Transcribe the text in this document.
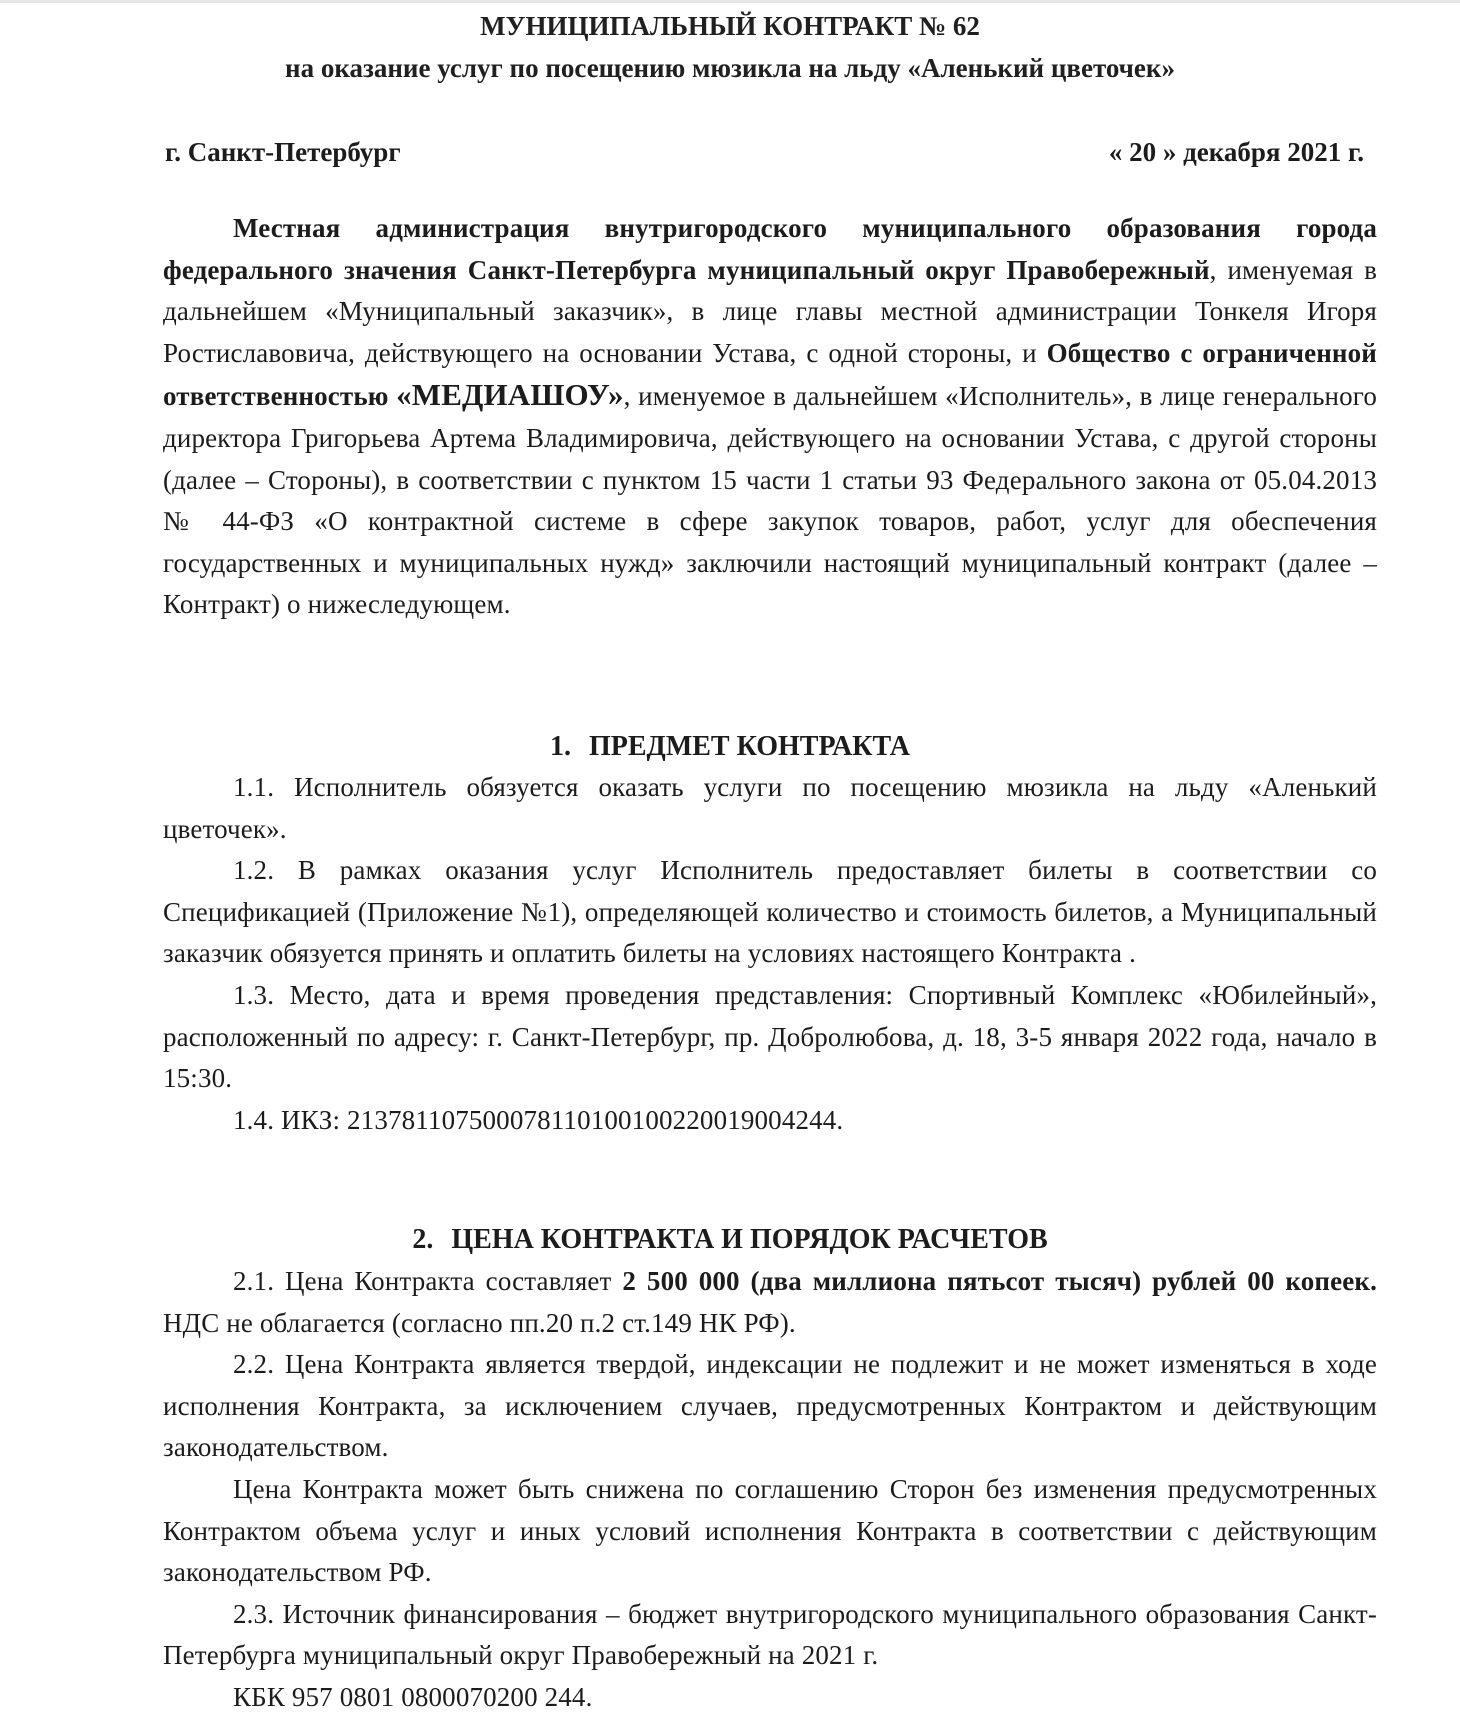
МУНИЦИПАЛЬНЫЙ КОНТРАКТ № 62
на оказание услуг по посещению мюзикла на льду «Аленький цветочек»
г. Санкт-Петербург	« 20 » декабря 2021 г.

Местная администрация внутригородского муниципального образования города федерального значения Санкт-Петербурга муниципальный округ Правобережный, именуемая в дальнейшем «Муниципальный заказчик», в лице главы местной администрации Тонкеля Игоря Ростиславовича, действующего на основании Устава, с одной стороны, и Общество с ограниченной ответственностью «МЕДИАШОУ», именуемое в дальнейшем «Исполнитель», в лице генерального директора Григорьева Артема Владимировича, действующего на основании Устава, с другой стороны (далее – Стороны), в соответствии с пунктом 15 части 1 статьи 93 Федерального закона от 05.04.2013 № 44-ФЗ «О контрактной системе в сфере закупок товаров, работ, услуг для обеспечения государственных и муниципальных нужд» заключили настоящий муниципальный контракт (далее – Контракт) о нижеследующем.

1. ПРЕДМЕТ КОНТРАКТА

1.1. Исполнитель обязуется оказать услуги по посещению мюзикла на льду «Аленький цветочек».

1.2. В рамках оказания услуг Исполнитель предоставляет билеты в соответствии со Спецификацией (Приложение №1), определяющей количество и стоимость билетов, а Муниципальный заказчик обязуется принять и оплатить билеты на условиях настоящего Контракта .

1.3. Место, дата и время проведения представления: Спортивный Комплекс «Юбилейный», расположенный по адресу: г. Санкт-Петербург, пр. Добролюбова, д. 18, 3-5 января 2022 года, начало в 15:30.

1.4. ИКЗ: 213781107500078110100100220019004244.

2. ЦЕНА КОНТРАКТА И ПОРЯДОК РАСЧЕТОВ

2.1. Цена Контракта составляет 2 500 000 (два миллиона пятьсот тысяч) рублей 00 копеек. НДС не облагается (согласно пп.20 п.2 ст.149 НК РФ).

2.2. Цена Контракта является твердой, индексации не подлежит и не может изменяться в ходе исполнения Контракта, за исключением случаев, предусмотренных Контрактом и действующим законодательством.

Цена Контракта может быть снижена по соглашению Сторон без изменения предусмотренных Контрактом объема услуг и иных условий исполнения Контракта в соответствии с действующим законодательством РФ.

2.3. Источник финансирования – бюджет внутригородского муниципального образования Санкт-Петербурга муниципальный округ Правобережный на 2021 г.

КБК 957 0801 0800070200 244.
